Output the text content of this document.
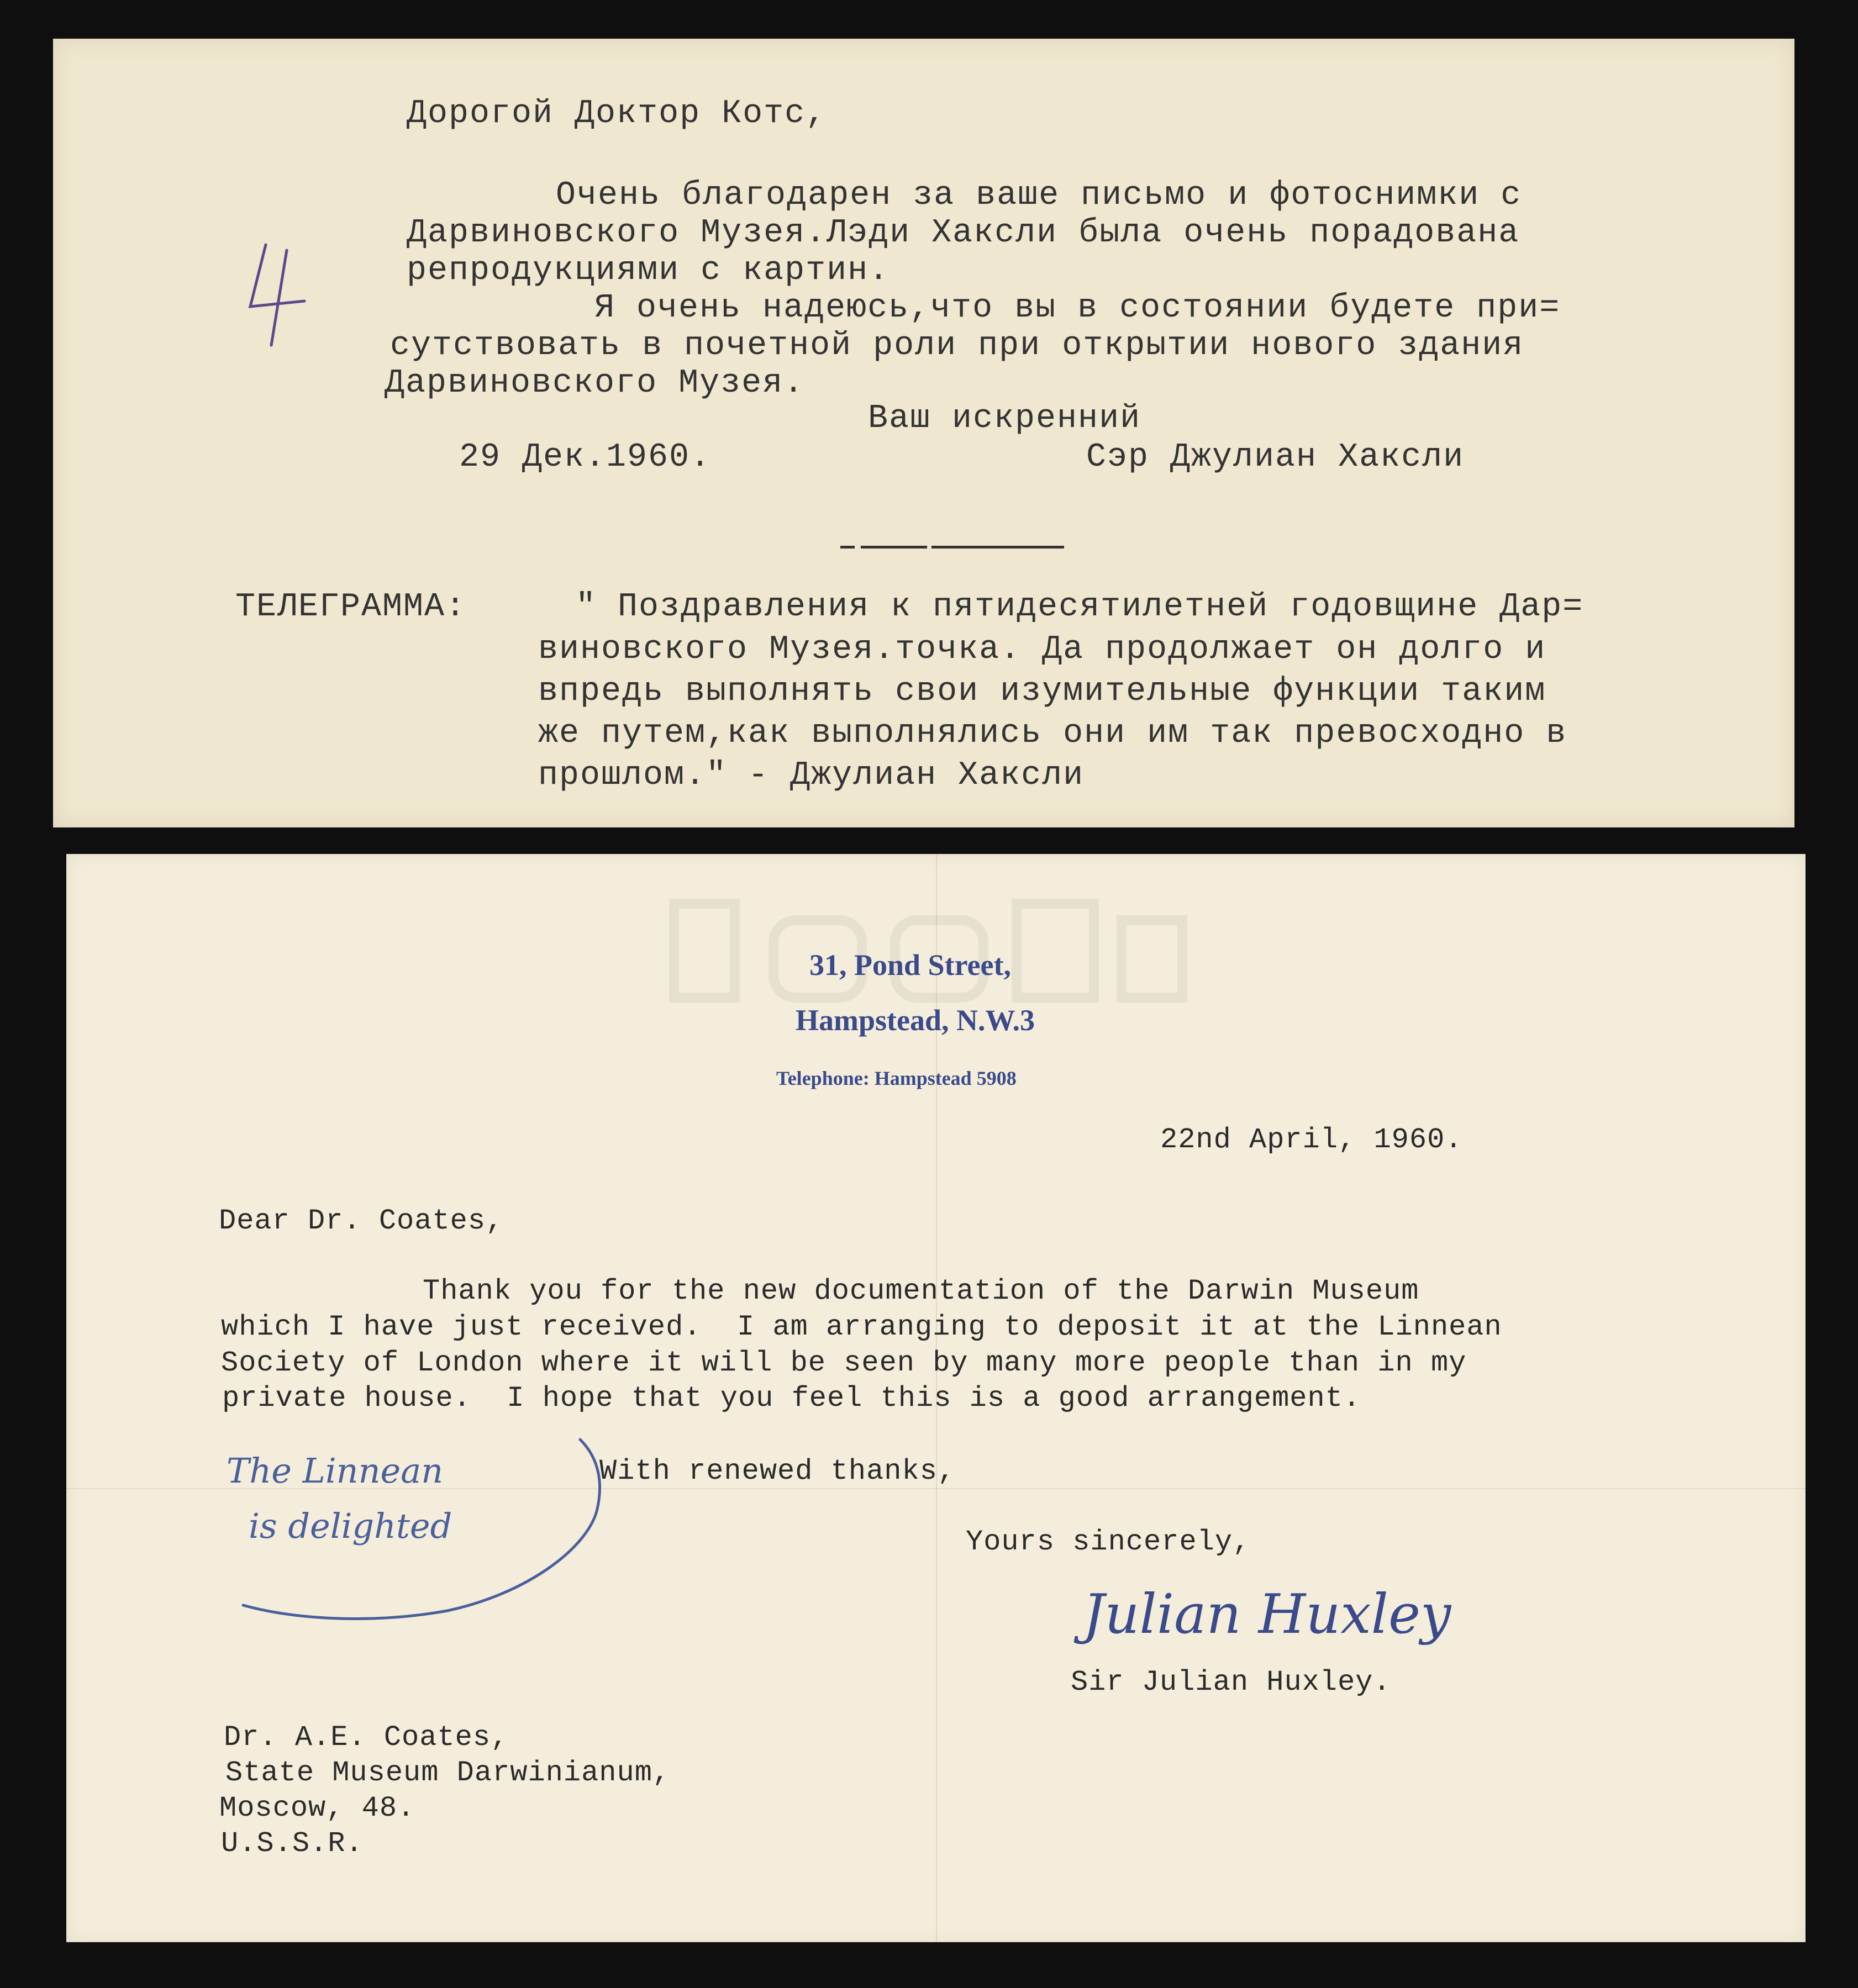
Дорогой Доктор Котс,
Очень благодарен за ваше письмо и фотоснимки с
Дарвиновского Музея.Лэди Хаксли была очень порадована
репродукциями с картин.
Я очень надеюсь,что вы в состоянии будете при=
сутствовать в почетной роли при открытии нового здания
Дарвиновского Музея.
Ваш искренний
29 Дек.1960.	Сэр Джулиан Хаксли
4
ТЕЛЕГРАММА:	" Поздравления к пятидесятилетней годовщине Дар=
виновского Музея.точка. Да продолжает он долго и
впредь выполнять свои изумительные функции таким
же путем,как выполнялись они им так превосходно в
прошлом." - Джулиан Хаксли
31, Pond Street,
Hampstead, N.W.3
Telephone: Hampstead 5908
22nd April, 1960.
Dear Dr. Coates,
Thank you for the new documentation of the Darwin Museum
which I have just received.  I am arranging to deposit it at the Linnean
Society of London where it will be seen by many more people than in my
private house.  I hope that you feel this is a good arrangement.
The Linnean
is delighted
With renewed thanks,
Yours sincerely,
Julian Huxley
Sir Julian Huxley.
Dr. A.E. Coates,
State Museum Darwinianum,
Moscow, 48.
U.S.S.R.
